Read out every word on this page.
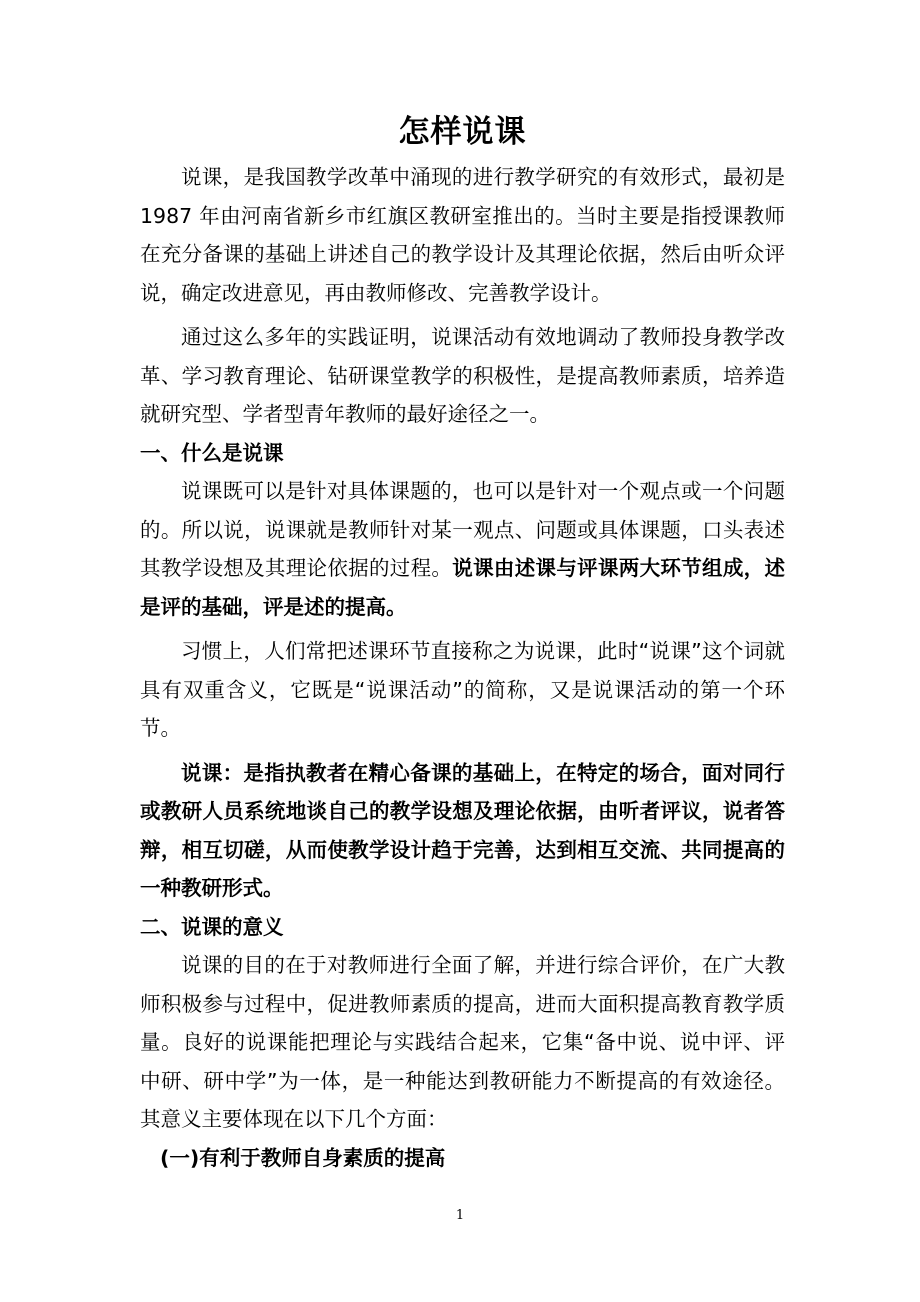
怎样说课

说课，是我国教学改革中涌现的进行教学研究的有效形式，最初是 1987 年由河南省新乡市红旗区教研室推出的。当时主要是指授课教师在充分备课的基础上讲述自己的教学设计及其理论依据，然后由听众评说，确定改进意见，再由教师修改、完善教学设计。

通过这么多年的实践证明，说课活动有效地调动了教师投身教学改革、学习教育理论、钻研课堂教学的积极性，是提高教师素质，培养造就研究型、学者型青年教师的最好途径之一。

一、什么是说课

说课既可以是针对具体课题的，也可以是针对一个观点或一个问题的。所以说，说课就是教师针对某一观点、问题或具体课题，口头表述其教学设想及其理论依据的过程。说课由述课与评课两大环节组成，述是评的基础，评是述的提高。

习惯上，人们常把述课环节直接称之为说课，此时“说课”这个词就具有双重含义，它既是“说课活动”的简称，又是说课活动的第一个环节。

说课：是指执教者在精心备课的基础上，在特定的场合，面对同行或教研人员系统地谈自己的教学设想及理论依据，由听者评议，说者答辩，相互切磋，从而使教学设计趋于完善，达到相互交流、共同提高的一种教研形式。

二、说课的意义

说课的目的在于对教师进行全面了解，并进行综合评价，在广大教师积极参与过程中，促进教师素质的提高，进而大面积提高教育教学质量。良好的说课能把理论与实践结合起来，它集“备中说、说中评、评中研、研中学”为一体，是一种能达到教研能力不断提高的有效途径。其意义主要体现在以下几个方面：

(一)有利于教师自身素质的提高
1
